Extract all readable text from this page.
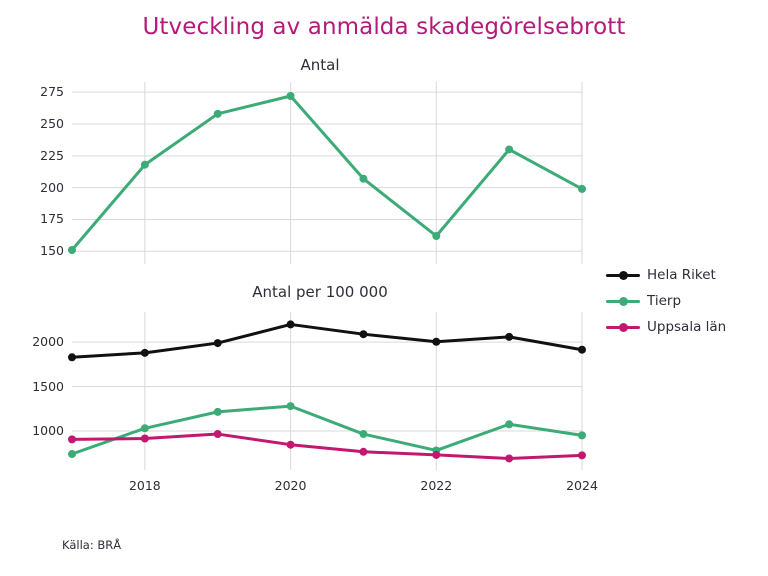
Utveckling av anmälda skadegörelsebrott
Antal
Antal per 100 000
Hela Riket
Tierp
Uppsala län
Källa: BRÅ
150
175
200
225
250
275
1000
1500
2000
2018	2020	2022	2024
